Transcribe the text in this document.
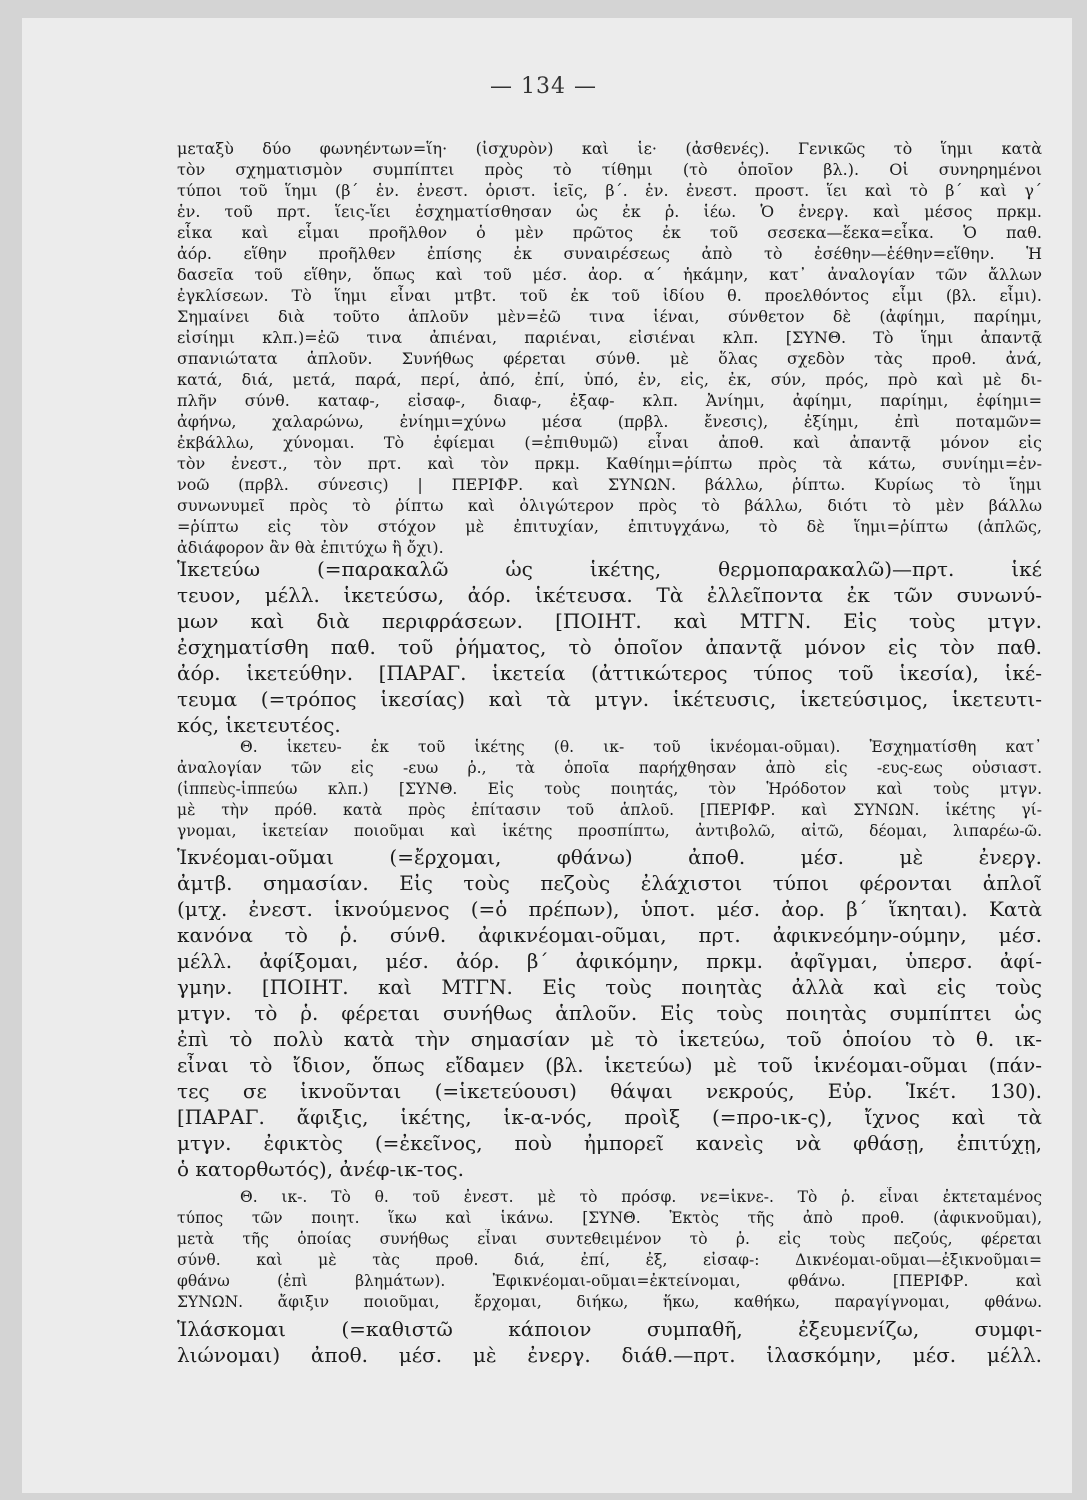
— 134 —
μεταξὺ δύο φωνηέντων=ἵη· (ἰσχυρὸν) καὶ ἱε· (ἀσθενές). Γενικῶς τὸ ἵημι κατὰ
τὸν σχηματισμὸν συμπίπτει πρὸς τὸ τίθημι (τὸ ὁποῖον βλ.). Οἱ συνηρημένοι
τύποι τοῦ ἵημι (β΄ ἑν. ἐνεστ. ὁριστ. ἱεῖς, β΄. ἑν. ἐνεστ. προστ. ἵει καὶ τὸ β΄ καὶ γ΄
ἑν. τοῦ πρτ. ἵεις-ἵει ἐσχηματίσθησαν ὡς ἐκ ῥ. ἱέω. Ὁ ἐνεργ. καὶ μέσος πρκμ.
εἷκα καὶ εἷμαι προῆλθον ὁ μὲν πρῶτος ἐκ τοῦ σεσεκα—ἕεκα=εἷκα. Ὁ παθ.
ἀόρ. εἵθην προῆλθεν ἐπίσης ἐκ συναιρέσεως ἀπὸ τὸ ἐσέθην—ἑέθην=εἵθην. Ἡ
δασεῖα τοῦ εἵθην, ὅπως καὶ τοῦ μέσ. ἀορ. α΄ ἡκάμην, κατ᾿ ἀναλογίαν τῶν ἄλλων
ἐγκλίσεων. Τὸ ἵημι εἶναι μτβτ. τοῦ ἐκ τοῦ ἰδίου θ. προελθόντος εἶμι (βλ. εἶμι).
Σημαίνει διὰ τοῦτο ἁπλοῦν μὲν=ἐῶ τινα ἱέναι, σύνθετον δὲ (ἀφίημι, παρίημι,
εἰσίημι κλπ.)=ἐῶ τινα ἀπιέναι, παριέναι, εἰσιέναι κλπ. [ΣΥΝΘ. Τὸ ἵημι ἀπαντᾷ
σπανιώτατα ἁπλοῦν. Συνήθως φέρεται σύνθ. μὲ ὅλας σχεδὸν τὰς προθ. ἀνά,
κατά, διά, μετά, παρά, περί, ἀπό, ἐπί, ὑπό, ἐν, εἰς, ἐκ, σύν, πρός, πρὸ καὶ μὲ δι-
πλῆν σύνθ. καταφ-, εἰσαφ-, διαφ-, ἐξαφ- κλπ. Ἀνίημι, ἀφίημι, παρίημι, ἐφίημι=
ἀφήνω, χαλαρώνω, ἐνίημι=χύνω μέσα (πρβλ. ἔνεσις), ἐξίημι, ἐπὶ ποταμῶν=
ἐκβάλλω, χύνομαι. Τὸ ἐφίεμαι (=ἐπιθυμῶ) εἶναι ἀποθ. καὶ ἀπαντᾷ μόνον εἰς
τὸν ἐνεστ., τὸν πρτ. καὶ τὸν πρκμ. Καθίημι=ῥίπτω πρὸς τὰ κάτω, συνίημι=ἐν-
νοῶ (πρβλ. σύνεσις) | ΠΕΡΙΦΡ. καὶ ΣΥΝΩΝ. βάλλω, ῥίπτω. Κυρίως τὸ ἵημι
συνωνυμεῖ πρὸς τὸ ῥίπτω καὶ ὀλιγώτερον πρὸς τὸ βάλλω, διότι τὸ μὲν βάλλω
=ῥίπτω εἰς τὸν στόχον μὲ ἐπιτυχίαν, ἐπιτυγχάνω, τὸ δὲ ἵημι=ῥίπτω (ἁπλῶς,
ἀδιάφορον ἂν θὰ ἐπιτύχω ἢ ὄχι).
Ἱκετεύω (=παρακαλῶ ὡς ἱκέτης, θερμοπαρακαλῶ)—πρτ. ἱκέ
τευον, μέλλ. ἱκετεύσω, ἀόρ. ἱκέτευσα. Τὰ ἐλλεῖποντα ἐκ τῶν συνωνύ-
μων καὶ διὰ περιφράσεων. [ΠΟΙΗΤ. καὶ ΜΤΓΝ. Εἰς τοὺς μτγν.
ἐσχηματίσθη παθ. τοῦ ῥήματος, τὸ ὁποῖον ἀπαντᾷ μόνον εἰς τὸν παθ.
ἀόρ. ἱκετεύθην. [ΠΑΡΑΓ. ἱκετεία (ἀττικώτερος τύπος τοῦ ἱκεσία), ἱκέ-
τευμα (=τρόπος ἱκεσίας) καὶ τὰ μτγν. ἱκέτευσις, ἱκετεύσιμος, ἱκετευτι-
κός, ἱκετευτέος.
Θ. ἱκετευ- ἐκ τοῦ ἱκέτης (θ. ικ- τοῦ ἱκνέομαι-οῦμαι). Ἐσχηματίσθη κατ᾿
ἀναλογίαν τῶν εἰς -ευω ῥ., τὰ ὁποῖα παρήχθησαν ἀπὸ εἰς -ευς-εως οὐσιαστ.
(ἱππεὺς-ἱππεύω κλπ.) [ΣΥΝΘ. Εἰς τοὺς ποιητάς, τὸν Ἡρόδοτον καὶ τοὺς μτγν.
μὲ τὴν πρόθ. κατὰ πρὸς ἐπίτασιν τοῦ ἁπλοῦ. [ΠΕΡΙΦΡ. καὶ ΣΥΝΩΝ. ἱκέτης γί-
γνομαι, ἱκετείαν ποιοῦμαι καὶ ἱκέτης προσπίπτω, ἀντιβολῶ, αἰτῶ, δέομαι, λιπαρέω-ῶ.
Ἱκνέομαι-οῦμαι (=ἔρχομαι, φθάνω) ἀποθ. μέσ. μὲ ἐνεργ.
ἀμτβ. σημασίαν. Εἰς τοὺς πεζοὺς ἐλάχιστοι τύποι φέρονται ἁπλοῖ
(μτχ. ἐνεστ. ἱκνούμενος (=ὁ πρέπων), ὑποτ. μέσ. ἀορ. β΄ ἵκηται). Κατὰ
κανόνα τὸ ῥ. σύνθ. ἀφικνέομαι-οῦμαι, πρτ. ἀφικνεόμην-ούμην, μέσ.
μέλλ. ἀφίξομαι, μέσ. ἀόρ. β΄ ἀφικόμην, πρκμ. ἀφῖγμαι, ὑπερσ. ἀφί-
γμην. [ΠΟΙΗΤ. καὶ ΜΤΓΝ. Εἰς τοὺς ποιητὰς ἀλλὰ καὶ εἰς τοὺς
μτγν. τὸ ῥ. φέρεται συνήθως ἁπλοῦν. Εἰς τοὺς ποιητὰς συμπίπτει ὡς
ἐπὶ τὸ πολὺ κατὰ τὴν σημασίαν μὲ τὸ ἱκετεύω, τοῦ ὁποίου τὸ θ. ικ-
εἶναι τὸ ἴδιον, ὅπως εἴδαμεν (βλ. ἱκετεύω) μὲ τοῦ ἱκνέομαι-οῦμαι (πάν-
τες σε ἱκνοῦνται (=ἱκετεύουσι) θάψαι νεκρούς, Εὐρ. Ἱκέτ. 130).
[ΠΑΡΑΓ. ἄφιξις, ἱκέτης, ἱκ-α-νός, προὶξ (=προ-ικ-ς), ἴχνος καὶ τὰ
μτγν. ἐφικτὸς (=ἐκεῖνος, ποὺ ἠμπορεῖ κανεὶς νὰ φθάσῃ, ἐπιτύχῃ,
ὁ κατορθωτός), ἀνέφ-ικ-τος.
Θ. ικ-. Τὸ θ. τοῦ ἐνεστ. μὲ τὸ πρόσφ. νε=ἱκνε-. Τὸ ῥ. εἶναι ἐκτεταμένος
τύπος τῶν ποιητ. ἵκω καὶ ἱκάνω. [ΣΥΝΘ. Ἐκτὸς τῆς ἀπὸ προθ. (ἀφικνοῦμαι),
μετὰ τῆς ὁποίας συνήθως εἶναι συντεθειμένον τὸ ῥ. εἰς τοὺς πεζούς, φέρεται
σύνθ. καὶ μὲ τὰς προθ. διά, ἐπί, ἐξ, εἰσαφ-: Δικνέομαι-οῦμαι—ἐξικνοῦμαι=
φθάνω (ἐπὶ βλημάτων). Ἐφικνέομαι-οῦμαι=ἐκτείνομαι, φθάνω. [ΠΕΡΙΦΡ. καὶ
ΣΥΝΩΝ. ἄφιξιν ποιοῦμαι, ἔρχομαι, διήκω, ἥκω, καθήκω, παραγίγνομαι, φθάνω.
Ἱλάσκομαι (=καθιστῶ κάποιον συμπαθῆ, ἐξευμενίζω, συμφι-
λιώνομαι) ἀποθ. μέσ. μὲ ἐνεργ. διάθ.—πρτ. ἱλασκόμην, μέσ. μέλλ.
